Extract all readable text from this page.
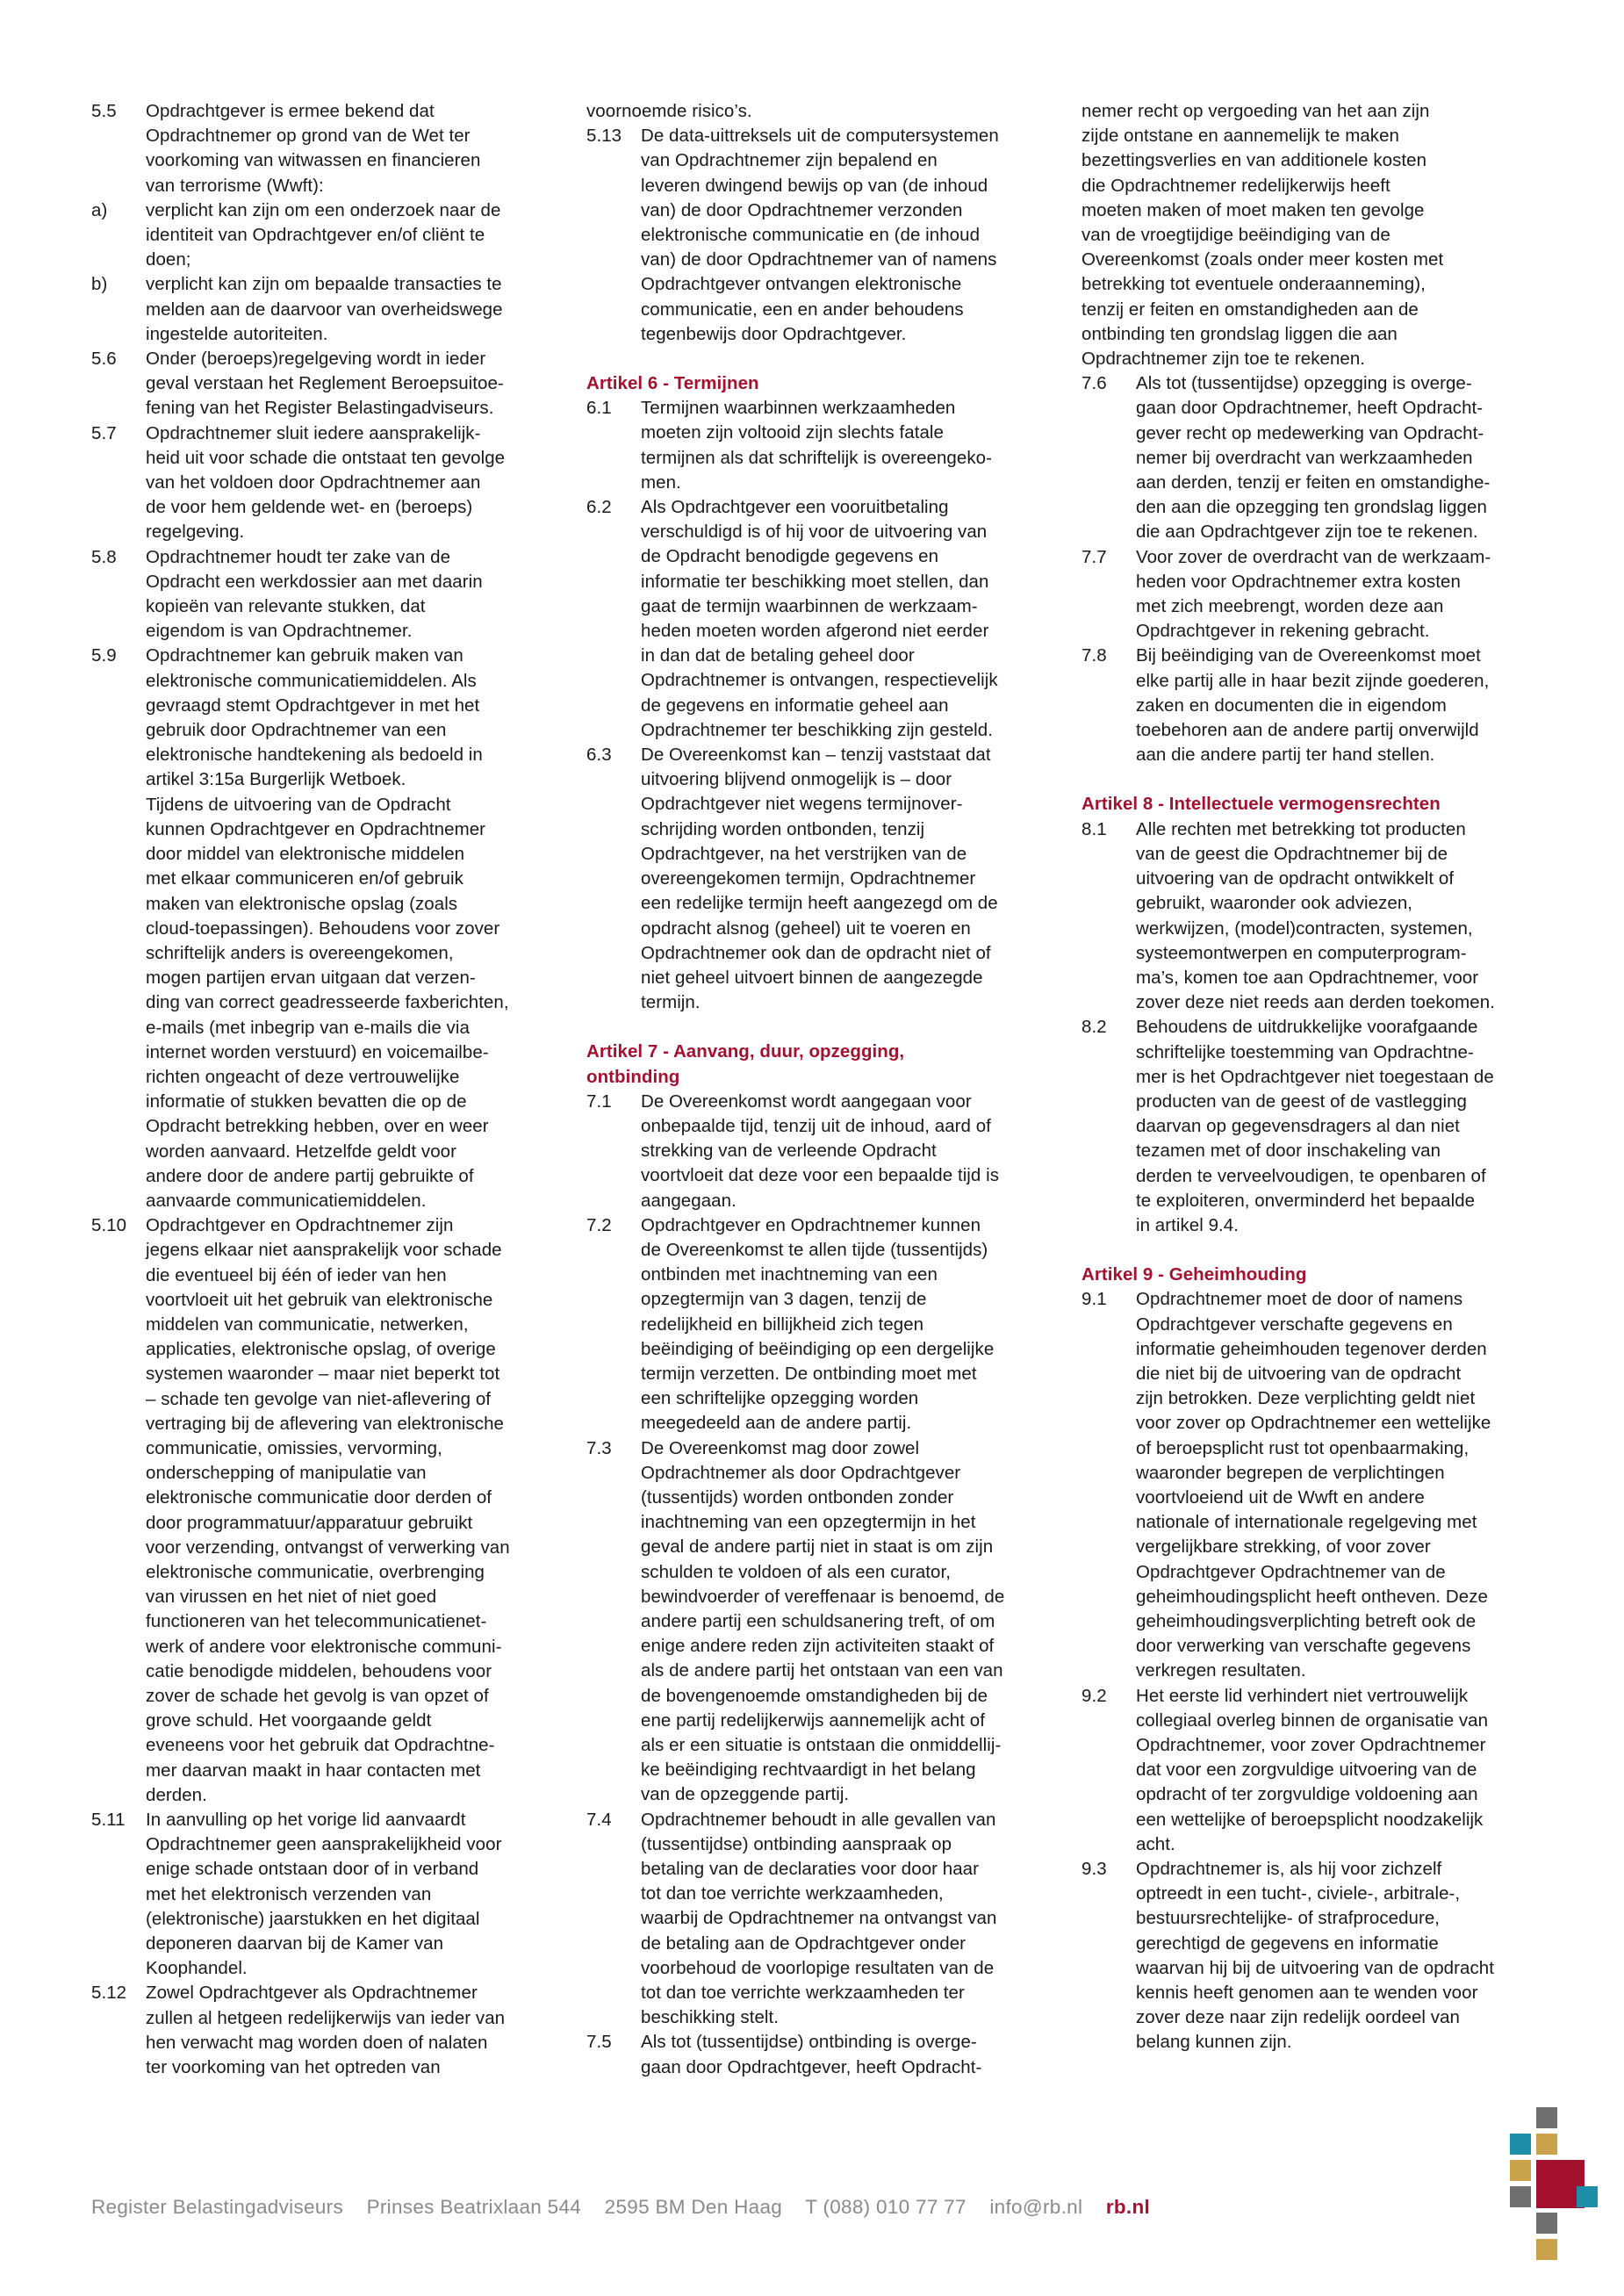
5.5	Opdrachtgever is ermee bekend dat
Opdrachtnemer op grond van de Wet ter
voorkoming van witwassen en financieren
van terrorisme (Wwft):
a)	verplicht kan zijn om een onderzoek naar de
identiteit van Opdrachtgever en/of cliënt te
doen;
b)	verplicht kan zijn om bepaalde transacties te
melden aan de daarvoor van overheidswege
ingestelde autoriteiten.
5.6	Onder (beroeps)regelgeving wordt in ieder
geval verstaan het Reglement Beroepsuitoe-
fening van het Register Belastingadviseurs.
5.7	Opdrachtnemer sluit iedere aansprakelijk-
heid uit voor schade die ontstaat ten gevolge
van het voldoen door Opdrachtnemer aan
de voor hem geldende wet- en (beroeps)
regelgeving.
5.8	Opdrachtnemer houdt ter zake van de
Opdracht een werkdossier aan met daarin
kopieën van relevante stukken, dat
eigendom is van Opdrachtnemer.
5.9	Opdrachtnemer kan gebruik maken van
elektronische communicatiemiddelen. Als
gevraagd stemt Opdrachtgever in met het
gebruik door Opdrachtnemer van een
elektronische handtekening als bedoeld in
artikel 3:15a Burgerlijk Wetboek.
Tijdens de uitvoering van de Opdracht
kunnen Opdrachtgever en Opdrachtnemer
door middel van elektronische middelen
met elkaar communiceren en/of gebruik
maken van elektronische opslag (zoals
cloud-toepassingen). Behoudens voor zover
schriftelijk anders is overeengekomen,
mogen partijen ervan uitgaan dat verzen-
ding van correct geadresseerde faxberichten,
e-mails (met inbegrip van e-mails die via
internet worden verstuurd) en voicemailbe-
richten ongeacht of deze vertrouwelijke
informatie of stukken bevatten die op de
Opdracht betrekking hebben, over en weer
worden aanvaard. Hetzelfde geldt voor
andere door de andere partij gebruikte of
aanvaarde communicatiemiddelen.
5.10	Opdrachtgever en Opdrachtnemer zijn
jegens elkaar niet aansprakelijk voor schade
die eventueel bij één of ieder van hen
voortvloeit uit het gebruik van elektronische
middelen van communicatie, netwerken,
applicaties, elektronische opslag, of overige
systemen waaronder – maar niet beperkt tot
– schade ten gevolge van niet-aflevering of
vertraging bij de aflevering van elektronische
communicatie, omissies, vervorming,
onderschepping of manipulatie van
elektronische communicatie door derden of
door programmatuur/apparatuur gebruikt
voor verzending, ontvangst of verwerking van
elektronische communicatie, overbrenging
van virussen en het niet of niet goed
functioneren van het telecommunicatienet-
werk of andere voor elektronische communi-
catie benodigde middelen, behoudens voor
zover de schade het gevolg is van opzet of
grove schuld. Het voorgaande geldt
eveneens voor het gebruik dat Opdrachtne-
mer daarvan maakt in haar contacten met
derden.
5.11	In aanvulling op het vorige lid aanvaardt
Opdrachtnemer geen aansprakelijkheid voor
enige schade ontstaan door of in verband
met het elektronisch verzenden van
(elektronische) jaarstukken en het digitaal
deponeren daarvan bij de Kamer van
Koophandel.
5.12	Zowel Opdrachtgever als Opdrachtnemer
zullen al hetgeen redelijkerwijs van ieder van
hen verwacht mag worden doen of nalaten
ter voorkoming van het optreden van
voornoemde risico’s.
5.13	De data-uittreksels uit de computersystemen
van Opdrachtnemer zijn bepalend en
leveren dwingend bewijs op van (de inhoud
van) de door Opdrachtnemer verzonden
elektronische communicatie en (de inhoud
van) de door Opdrachtnemer van of namens
Opdrachtgever ontvangen elektronische
communicatie, een en ander behoudens
tegenbewijs door Opdrachtgever.
Artikel 6 - Termijnen
6.1	Termijnen waarbinnen werkzaamheden
moeten zijn voltooid zijn slechts fatale
termijnen als dat schriftelijk is overeengeko-
men.
6.2	Als Opdrachtgever een vooruitbetaling
verschuldigd is of hij voor de uitvoering van
de Opdracht benodigde gegevens en
informatie ter beschikking moet stellen, dan
gaat de termijn waarbinnen de werkzaam-
heden moeten worden afgerond niet eerder
in dan dat de betaling geheel door
Opdrachtnemer is ontvangen, respectievelijk
de gegevens en informatie geheel aan
Opdrachtnemer ter beschikking zijn gesteld.
6.3	De Overeenkomst kan – tenzij vaststaat dat
uitvoering blijvend onmogelijk is – door
Opdrachtgever niet wegens termijnover-
schrijding worden ontbonden, tenzij
Opdrachtgever, na het verstrijken van de
overeengekomen termijn, Opdrachtnemer
een redelijke termijn heeft aangezegd om de
opdracht alsnog (geheel) uit te voeren en
Opdrachtnemer ook dan de opdracht niet of
niet geheel uitvoert binnen de aangezegde
termijn.
Artikel 7 - Aanvang, duur, opzegging,
ontbinding
7.1	De Overeenkomst wordt aangegaan voor
onbepaalde tijd, tenzij uit de inhoud, aard of
strekking van de verleende Opdracht
voortvloeit dat deze voor een bepaalde tijd is
aangegaan.
7.2	Opdrachtgever en Opdrachtnemer kunnen
de Overeenkomst te allen tijde (tussentijds)
ontbinden met inachtneming van een
opzegtermijn van 3 dagen, tenzij de
redelijkheid en billijkheid zich tegen
beëindiging of beëindiging op een dergelijke
termijn verzetten. De ontbinding moet met
een schriftelijke opzegging worden
meegedeeld aan de andere partij.
7.3	De Overeenkomst mag door zowel
Opdrachtnemer als door Opdrachtgever
(tussentijds) worden ontbonden zonder
inachtneming van een opzegtermijn in het
geval de andere partij niet in staat is om zijn
schulden te voldoen of als een curator,
bewindvoerder of vereffenaar is benoemd, de
andere partij een schuldsanering treft, of om
enige andere reden zijn activiteiten staakt of
als de andere partij het ontstaan van een van
de bovengenoemde omstandigheden bij de
ene partij redelijkerwijs aannemelijk acht of
als er een situatie is ontstaan die onmiddellij-
ke beëindiging rechtvaardigt in het belang
van de opzeggende partij.
7.4	Opdrachtnemer behoudt in alle gevallen van
(tussentijdse) ontbinding aanspraak op
betaling van de declaraties voor door haar
tot dan toe verrichte werkzaamheden,
waarbij de Opdrachtnemer na ontvangst van
de betaling aan de Opdrachtgever onder
voorbehoud de voorlopige resultaten van de
tot dan toe verrichte werkzaamheden ter
beschikking stelt.
7.5	Als tot (tussentijdse) ontbinding is overge-
gaan door Opdrachtgever, heeft Opdracht-
nemer recht op vergoeding van het aan zijn
zijde ontstane en aannemelijk te maken
bezettingsverlies en van additionele kosten
die Opdrachtnemer redelijkerwijs heeft
moeten maken of moet maken ten gevolge
van de vroegtijdige beëindiging van de
Overeenkomst (zoals onder meer kosten met
betrekking tot eventuele onderaanneming),
tenzij er feiten en omstandigheden aan de
ontbinding ten grondslag liggen die aan
Opdrachtnemer zijn toe te rekenen.
7.6	Als tot (tussentijdse) opzegging is overge-
gaan door Opdrachtnemer, heeft Opdracht-
gever recht op medewerking van Opdracht-
nemer bij overdracht van werkzaamheden
aan derden, tenzij er feiten en omstandighe-
den aan die opzegging ten grondslag liggen
die aan Opdrachtgever zijn toe te rekenen.
7.7	Voor zover de overdracht van de werkzaam-
heden voor Opdrachtnemer extra kosten
met zich meebrengt, worden deze aan
Opdrachtgever in rekening gebracht.
7.8	Bij beëindiging van de Overeenkomst moet
elke partij alle in haar bezit zijnde goederen,
zaken en documenten die in eigendom
toebehoren aan de andere partij onverwijld
aan die andere partij ter hand stellen.
Artikel 8 - Intellectuele vermogensrechten
8.1	Alle rechten met betrekking tot producten
van de geest die Opdrachtnemer bij de
uitvoering van de opdracht ontwikkelt of
gebruikt, waaronder ook adviezen,
werkwijzen, (model)contracten, systemen,
systeemontwerpen en computerprogram-
ma’s, komen toe aan Opdrachtnemer, voor
zover deze niet reeds aan derden toekomen.
8.2	Behoudens de uitdrukkelijke voorafgaande
schriftelijke toestemming van Opdrachtne-
mer is het Opdrachtgever niet toegestaan de
producten van de geest of de vastlegging
daarvan op gegevensdragers al dan niet
tezamen met of door inschakeling van
derden te verveelvoudigen, te openbaren of
te exploiteren, onverminderd het bepaalde
in artikel 9.4.
Artikel 9 - Geheimhouding
9.1	Opdrachtnemer moet de door of namens
Opdrachtgever verschafte gegevens en
informatie geheimhouden tegenover derden
die niet bij de uitvoering van de opdracht
zijn betrokken. Deze verplichting geldt niet
voor zover op Opdrachtnemer een wettelijke
of beroepsplicht rust tot openbaarmaking,
waaronder begrepen de verplichtingen
voortvloeiend uit de Wwft en andere
nationale of internationale regelgeving met
vergelijkbare strekking, of voor zover
Opdrachtgever Opdrachtnemer van de
geheimhoudingsplicht heeft ontheven. Deze
geheimhoudingsverplichting betreft ook de
door verwerking van verschafte gegevens
verkregen resultaten.
9.2	Het eerste lid verhindert niet vertrouwelijk
collegiaal overleg binnen de organisatie van
Opdrachtnemer, voor zover Opdrachtnemer
dat voor een zorgvuldige uitvoering van de
opdracht of ter zorgvuldige voldoening aan
een wettelijke of beroepsplicht noodzakelijk
acht.
9.3	Opdrachtnemer is, als hij voor zichzelf
optreedt in een tucht-, civiele-, arbitrale-,
bestuursrechtelijke- of strafprocedure,
gerechtigd de gegevens en informatie
waarvan hij bij de uitvoering van de opdracht
kennis heeft genomen aan te wenden voor
zover deze naar zijn redelijk oordeel van
belang kunnen zijn.
Register Belastingadviseurs Prinses Beatrixlaan 544 2595 BM Den Haag T (088) 010 77 77 info@rb.nl rb.nl
